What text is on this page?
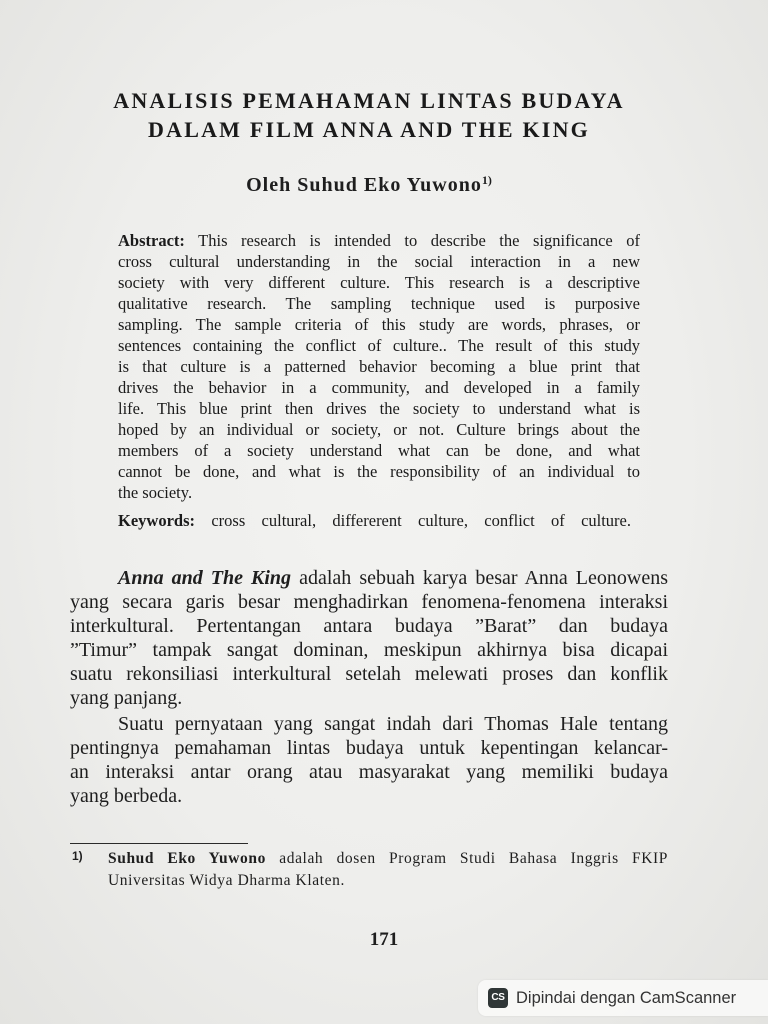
ANALISIS PEMAHAMAN LINTAS BUDAYA
DALAM FILM ANNA AND THE KING
Oleh Suhud Eko Yuwono$^{1)}$
Abstract: This research is intended to describe the significance of
cross cultural understanding in the social interaction in a new
society with very different culture. This research is a descriptive
qualitative research. The sampling technique used is purposive
sampling. The sample criteria of this study are words, phrases, or
sentences containing the conflict of culture.. The result of this study
is that culture is a patterned behavior becoming a blue print that
drives the behavior in a community, and developed in a family
life. This blue print then drives the society to understand what is
hoped by an individual or society, or not. Culture brings about the
members of a society understand what can be done, and what
cannot be done, and what is the responsibility of an individual to
the society.
Keywords: cross cultural, differerent culture, conflict of culture.
Anna and The King adalah sebuah karya besar Anna Leonowens
yang secara garis besar menghadirkan fenomena-fenomena interaksi
interkultural. Pertentangan antara budaya ”Barat” dan budaya
”Timur” tampak sangat dominan, meskipun akhirnya bisa dicapai
suatu rekonsiliasi interkultural setelah melewati proses dan konflik
yang panjang.
Suatu pernyataan yang sangat indah dari Thomas Hale tentang
pentingnya pemahaman lintas budaya untuk kepentingan kelancar-
an interaksi antar orang atau masyarakat yang memiliki budaya
yang berbeda.
1) Suhud Eko Yuwono adalah dosen Program Studi Bahasa Inggris FKIP
Universitas Widya Dharma Klaten.
171
CS Dipindai dengan CamScanner
